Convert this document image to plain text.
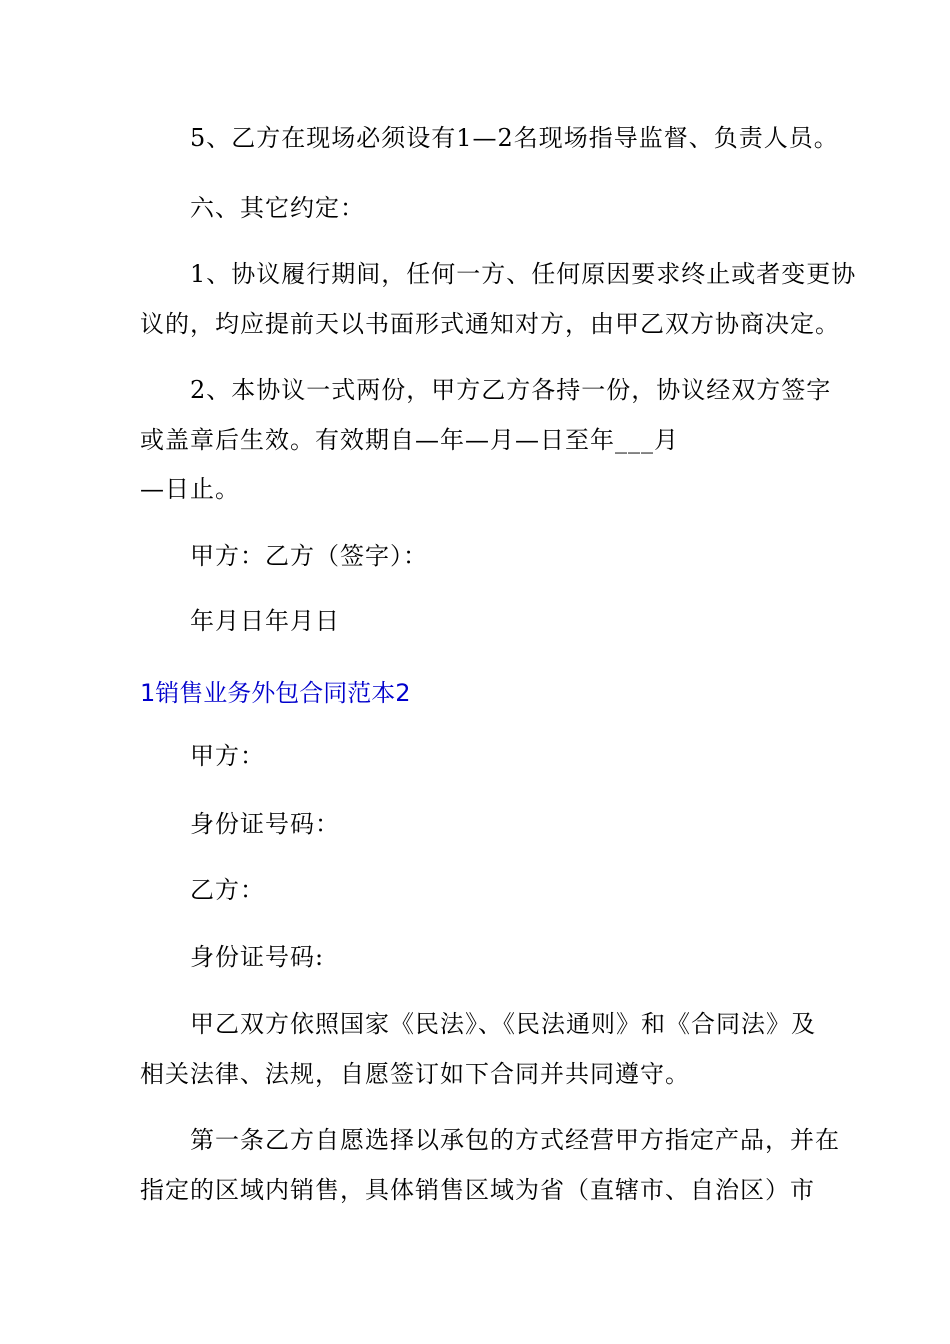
5、乙方在现场必须设有1—2名现场指导监督、负责人员。
六、其它约定：
1、协议履行期间，任何一方、任何原因要求终止或者变更协
议的，均应提前天以书面形式通知对方，由甲乙双方协商决定。
2、本协议一式两份，甲方乙方各持一份，协议经双方签字
或盖章后生效。有效期自—年—月—日至年___月
—日止。
甲方：乙方（签字）：
年月日年月日
1销售业务外包合同范本2
甲方：
身份证号码：
乙方：
身份证号码:
甲乙双方依照国家《民法》、《民法通则》和《合同法》及
相关法律、法规，自愿签订如下合同并共同遵守。
第一条乙方自愿选择以承包的方式经营甲方指定产品，并在
指定的区域内销售，具体销售区域为省（直辖市、自治区）市
